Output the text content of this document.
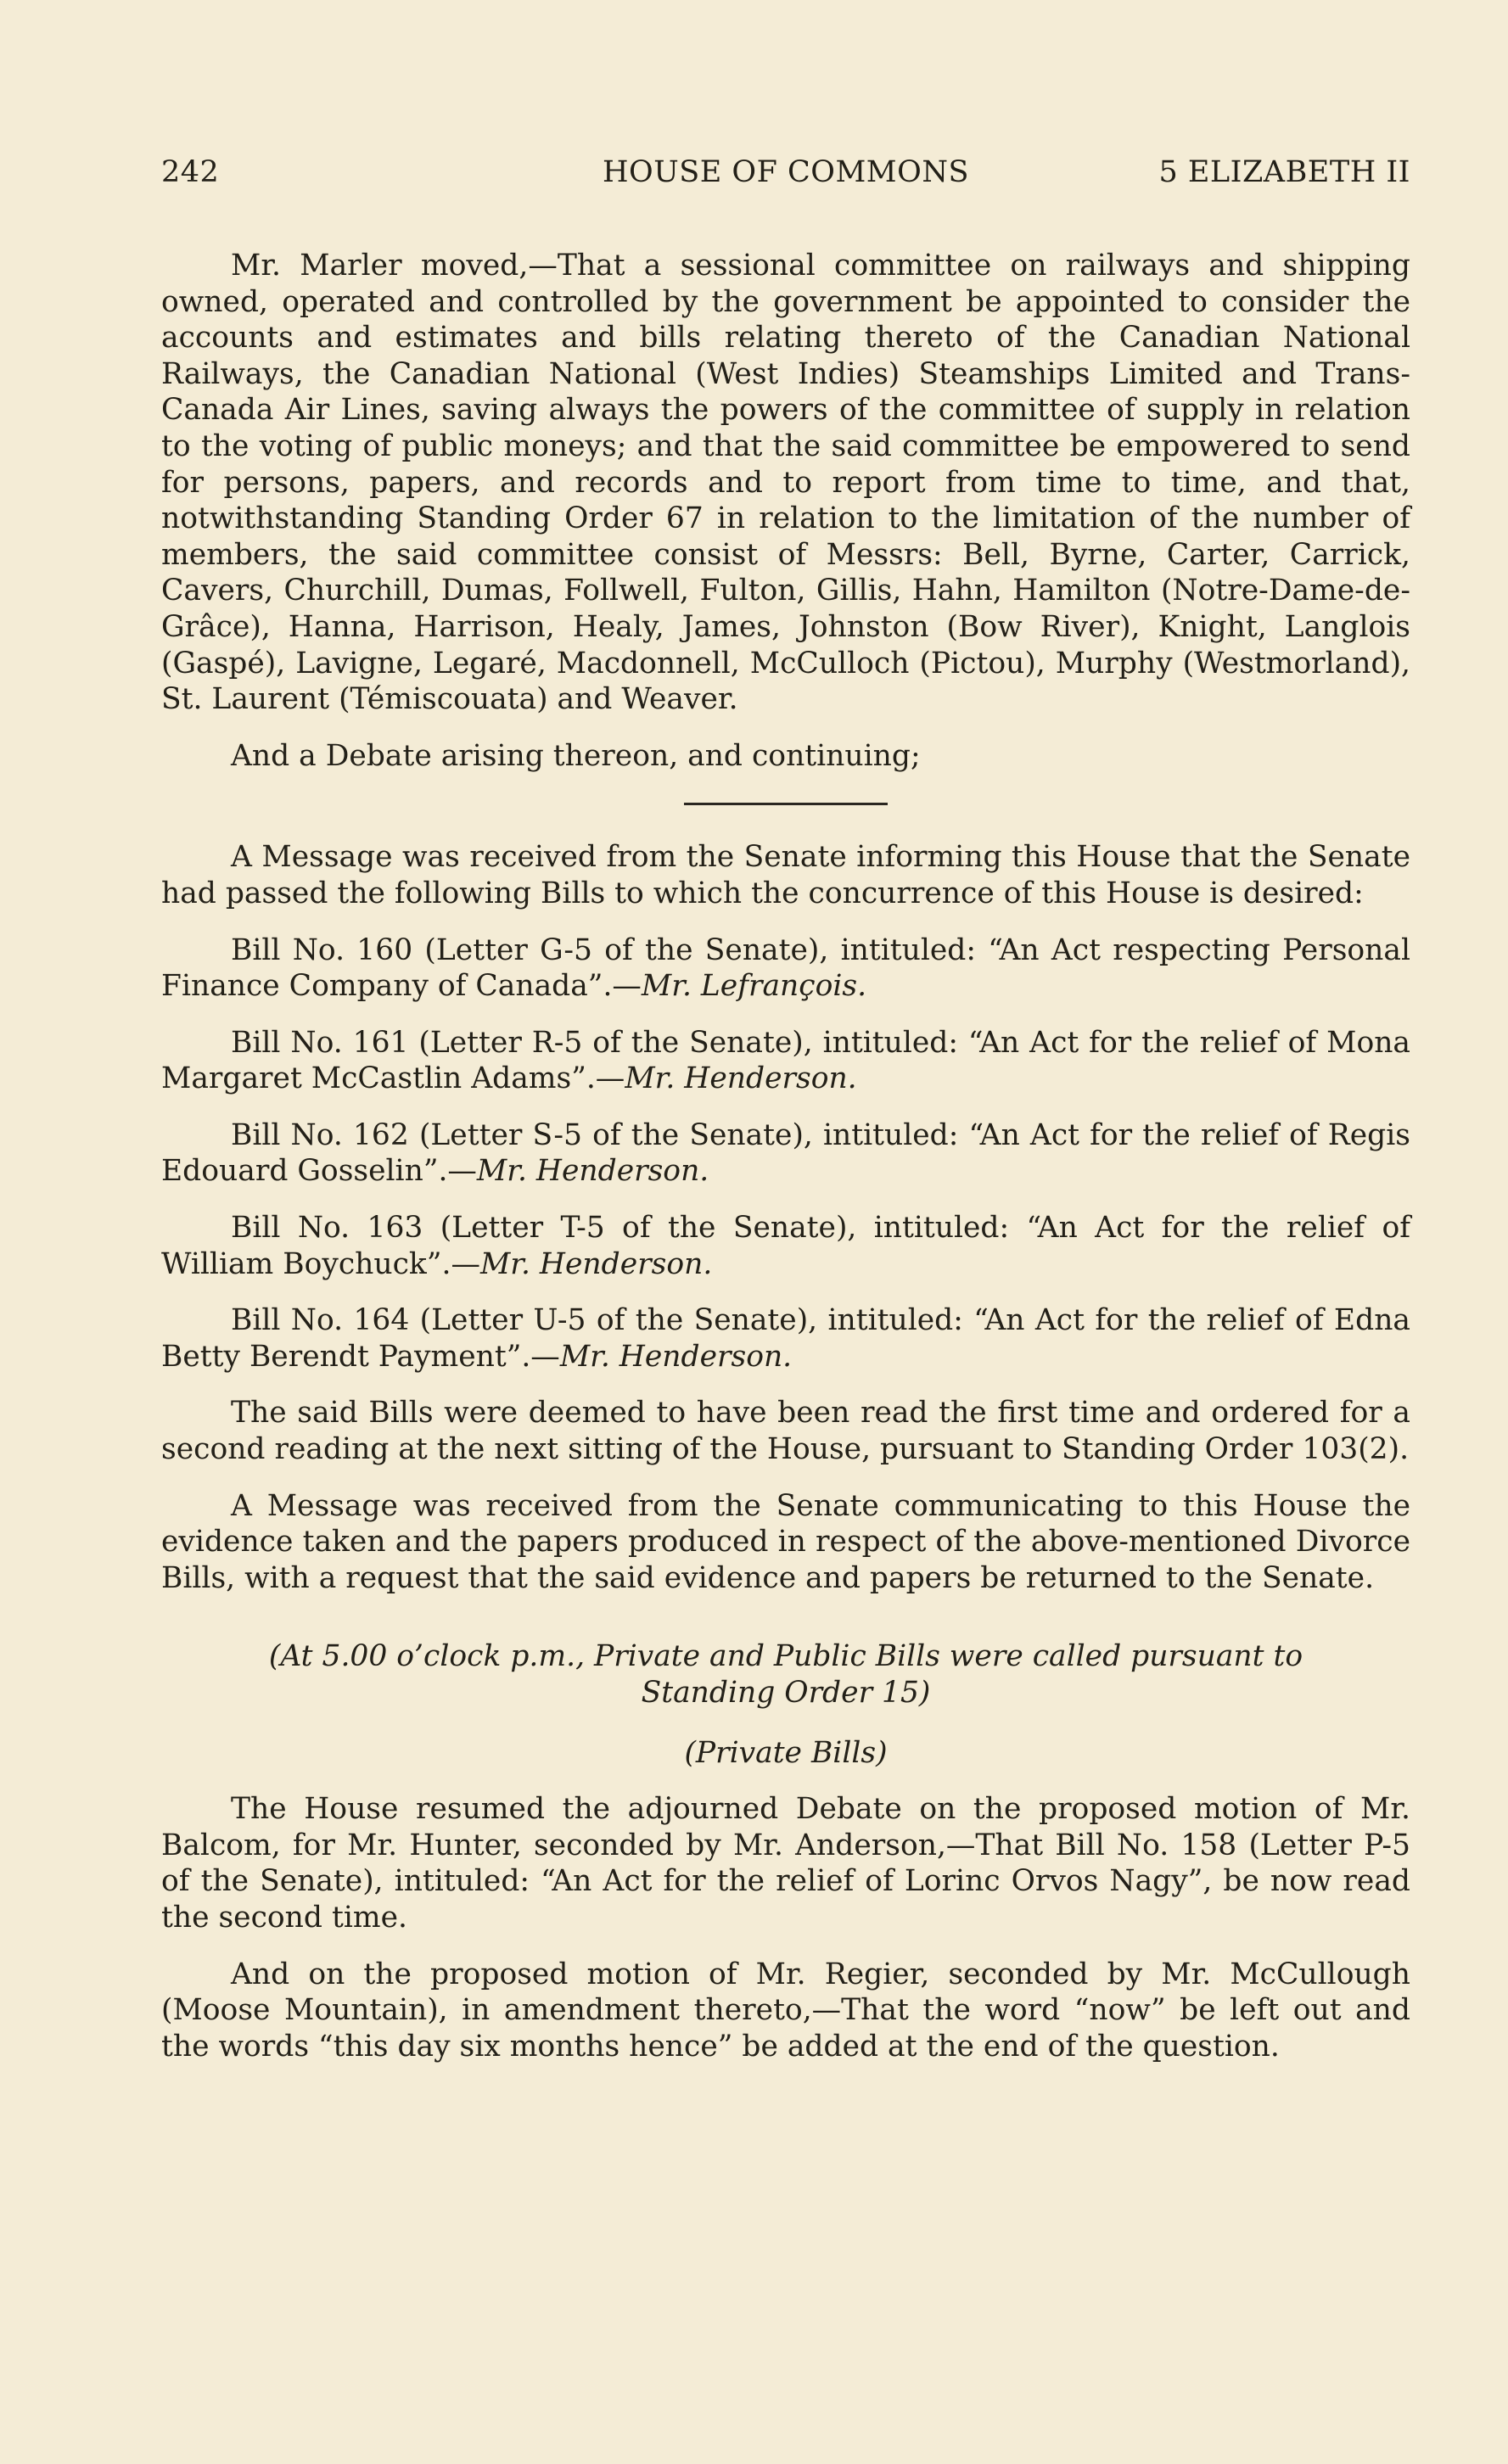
242	HOUSE OF COMMONS	5 ELIZABETH II

Mr. Marler moved,—That a sessional committee on railways and shipping owned, operated and controlled by the government be appointed to consider the accounts and estimates and bills relating thereto of the Canadian National Railways, the Canadian National (West Indies) Steamships Limited and Trans-Canada Air Lines, saving always the powers of the committee of supply in relation to the voting of public moneys; and that the said committee be empowered to send for persons, papers, and records and to report from time to time, and that, notwithstanding Standing Order 67 in relation to the limitation of the number of members, the said committee consist of Messrs: Bell, Byrne, Carter, Carrick, Cavers, Churchill, Dumas, Follwell, Fulton, Gillis, Hahn, Hamilton (Notre-Dame-de-Grâce), Hanna, Harrison, Healy, James, Johnston (Bow River), Knight, Langlois (Gaspé), Lavigne, Legaré, Macdonnell, McCulloch (Pictou), Murphy (Westmorland), St. Laurent (Témiscouata) and Weaver.

And a Debate arising thereon, and continuing;

A Message was received from the Senate informing this House that the Senate had passed the following Bills to which the concurrence of this House is desired:

Bill No. 160 (Letter G-5 of the Senate), intituled: “An Act respecting Personal Finance Company of Canada”.—Mr. Lefrançois.

Bill No. 161 (Letter R-5 of the Senate), intituled: “An Act for the relief of Mona Margaret McCastlin Adams”.—Mr. Henderson.

Bill No. 162 (Letter S-5 of the Senate), intituled: “An Act for the relief of Regis Edouard Gosselin”.—Mr. Henderson.

Bill No. 163 (Letter T-5 of the Senate), intituled: “An Act for the relief of William Boychuck”.—Mr. Henderson.

Bill No. 164 (Letter U-5 of the Senate), intituled: “An Act for the relief of Edna Betty Berendt Payment”.—Mr. Henderson.

The said Bills were deemed to have been read the first time and ordered for a second reading at the next sitting of the House, pursuant to Standing Order 103(2).

A Message was received from the Senate communicating to this House the evidence taken and the papers produced in respect of the above-mentioned Divorce Bills, with a request that the said evidence and papers be returned to the Senate.

(At 5.00 o’clock p.m., Private and Public Bills were called pursuant to Standing Order 15)

(Private Bills)

The House resumed the adjourned Debate on the proposed motion of Mr. Balcom, for Mr. Hunter, seconded by Mr. Anderson,—That Bill No. 158 (Letter P-5 of the Senate), intituled: “An Act for the relief of Lorinc Orvos Nagy”, be now read the second time.

And on the proposed motion of Mr. Regier, seconded by Mr. McCullough (Moose Mountain), in amendment thereto,—That the word “now” be left out and the words “this day six months hence” be added at the end of the question.
